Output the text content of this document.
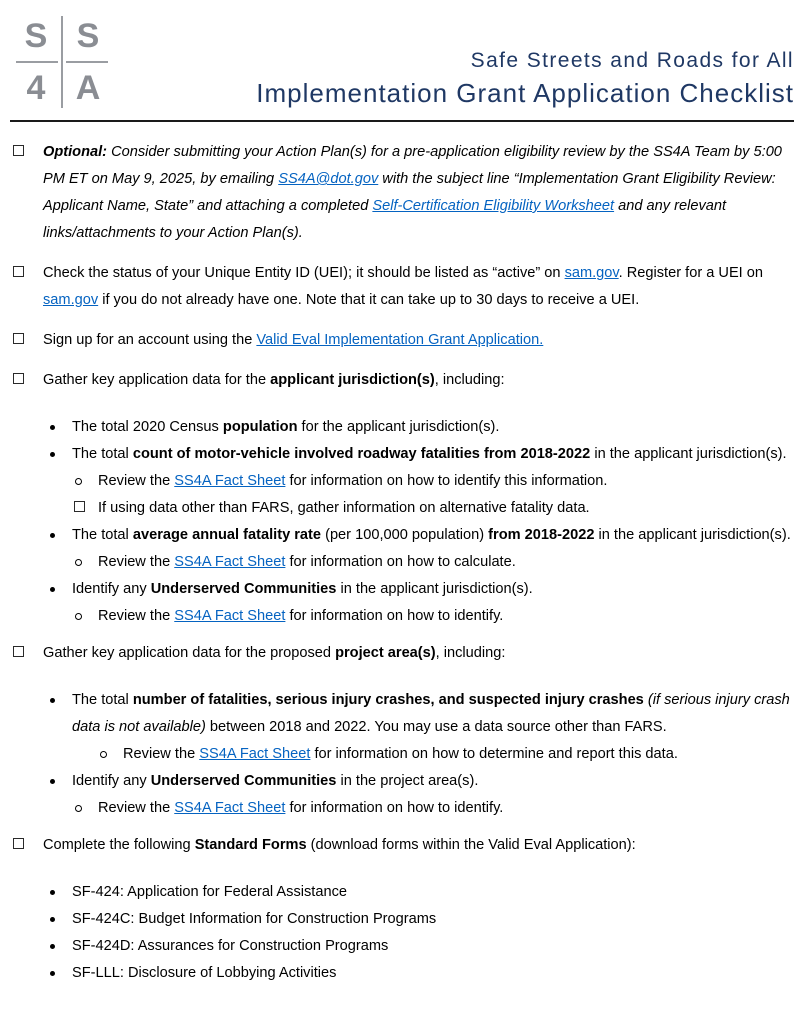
S S
4 A
Safe Streets and Roads for All
Implementation Grant Application Checklist
Optional: Consider submitting your Action Plan(s) for a pre-application eligibility review by the SS4A Team by 5:00 PM ET on May 9, 2025, by emailing SS4A@dot.gov with the subject line “Implementation Grant Eligibility Review: Applicant Name, State” and attaching a completed Self-Certification Eligibility Worksheet and any relevant links/attachments to your Action Plan(s).
Check the status of your Unique Entity ID (UEI); it should be listed as “active” on sam.gov. Register for a UEI on sam.gov if you do not already have one. Note that it can take up to 30 days to receive a UEI.
Sign up for an account using the Valid Eval Implementation Grant Application.
Gather key application data for the applicant jurisdiction(s), including:
The total 2020 Census population for the applicant jurisdiction(s).
The total count of motor-vehicle involved roadway fatalities from 2018-2022 in the applicant jurisdiction(s).
Review the SS4A Fact Sheet for information on how to identify this information.
If using data other than FARS, gather information on alternative fatality data.
The total average annual fatality rate (per 100,000 population) from 2018-2022 in the applicant jurisdiction(s).
Review the SS4A Fact Sheet for information on how to calculate.
Identify any Underserved Communities in the applicant jurisdiction(s).
Review the SS4A Fact Sheet for information on how to identify.
Gather key application data for the proposed project area(s), including:
The total number of fatalities, serious injury crashes, and suspected injury crashes (if serious injury crash data is not available) between 2018 and 2022. You may use a data source other than FARS.
Review the SS4A Fact Sheet for information on how to determine and report this data.
Identify any Underserved Communities in the project area(s).
Review the SS4A Fact Sheet for information on how to identify.
Complete the following Standard Forms (download forms within the Valid Eval Application):
SF-424: Application for Federal Assistance
SF-424C: Budget Information for Construction Programs
SF-424D: Assurances for Construction Programs
SF-LLL: Disclosure of Lobbying Activities
